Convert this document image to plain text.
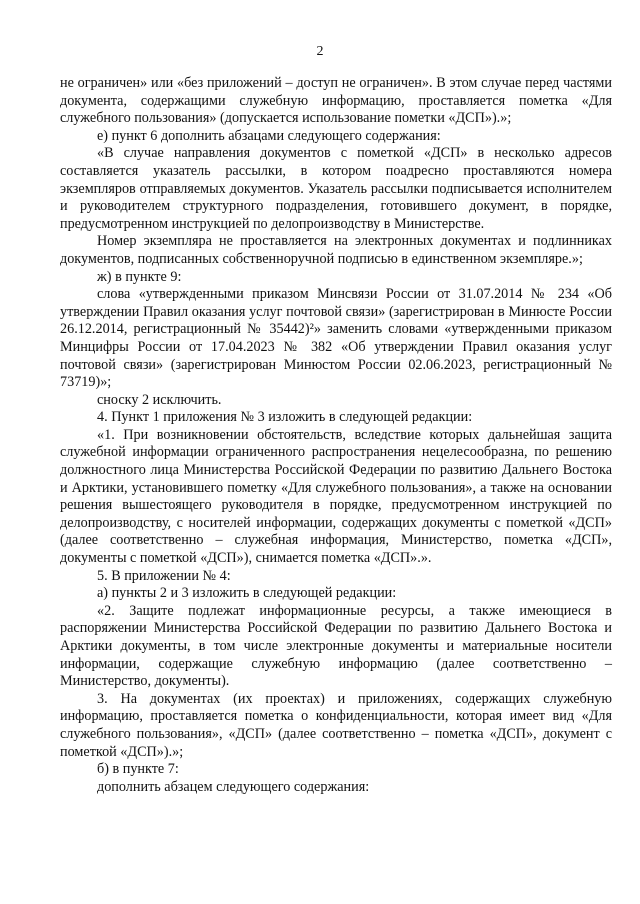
2

не ограничен» или «без приложений – доступ не ограничен». В этом случае перед частями документа, содержащими служебную информацию, проставляется пометка «Для служебного пользования» (допускается использование пометки «ДСП»).»;

е) пункт 6 дополнить абзацами следующего содержания:

«В случае направления документов с пометкой «ДСП» в несколько адресов составляется указатель рассылки, в котором поадресно проставляются номера экземпляров отправляемых документов. Указатель рассылки подписывается исполнителем и руководителем структурного подразделения, готовившего документ, в порядке, предусмотренном инструкцией по делопроизводству в Министерстве.

Номер экземпляра не проставляется на электронных документах и подлинниках документов, подписанных собственноручной подписью в единственном экземпляре.»;

ж) в пункте 9:

слова «утвержденными приказом Минсвязи России от 31.07.2014 № 234 «Об утверждении Правил оказания услуг почтовой связи» (зарегистрирован в Минюсте России 26.12.2014, регистрационный № 35442)²» заменить словами «утвержденными приказом Минцифры России от 17.04.2023 № 382 «Об утверждении Правил оказания услуг почтовой связи» (зарегистрирован Минюстом России 02.06.2023, регистрационный № 73719)»;

сноску 2 исключить.

4. Пункт 1 приложения № 3 изложить в следующей редакции:

«1. При возникновении обстоятельств, вследствие которых дальнейшая защита служебной информации ограниченного распространения нецелесообразна, по решению должностного лица Министерства Российской Федерации по развитию Дальнего Востока и Арктики, установившего пометку «Для служебного пользования», а также на основании решения вышестоящего руководителя в порядке, предусмотренном инструкцией по делопроизводству, с носителей информации, содержащих документы с пометкой «ДСП» (далее соответственно – служебная информация, Министерство, пометка «ДСП», документы с пометкой «ДСП»), снимается пометка «ДСП».».

5. В приложении № 4:

а) пункты 2 и 3 изложить в следующей редакции:

«2. Защите подлежат информационные ресурсы, а также имеющиеся в распоряжении Министерства Российской Федерации по развитию Дальнего Востока и Арктики документы, в том числе электронные документы и материальные носители информации, содержащие служебную информацию (далее соответственно – Министерство, документы).

3. На документах (их проектах) и приложениях, содержащих служебную информацию, проставляется пометка о конфиденциальности, которая имеет вид «Для служебного пользования», «ДСП» (далее соответственно – пометка «ДСП», документ с пометкой «ДСП»).»;

б) в пункте 7:

дополнить абзацем следующего содержания:
